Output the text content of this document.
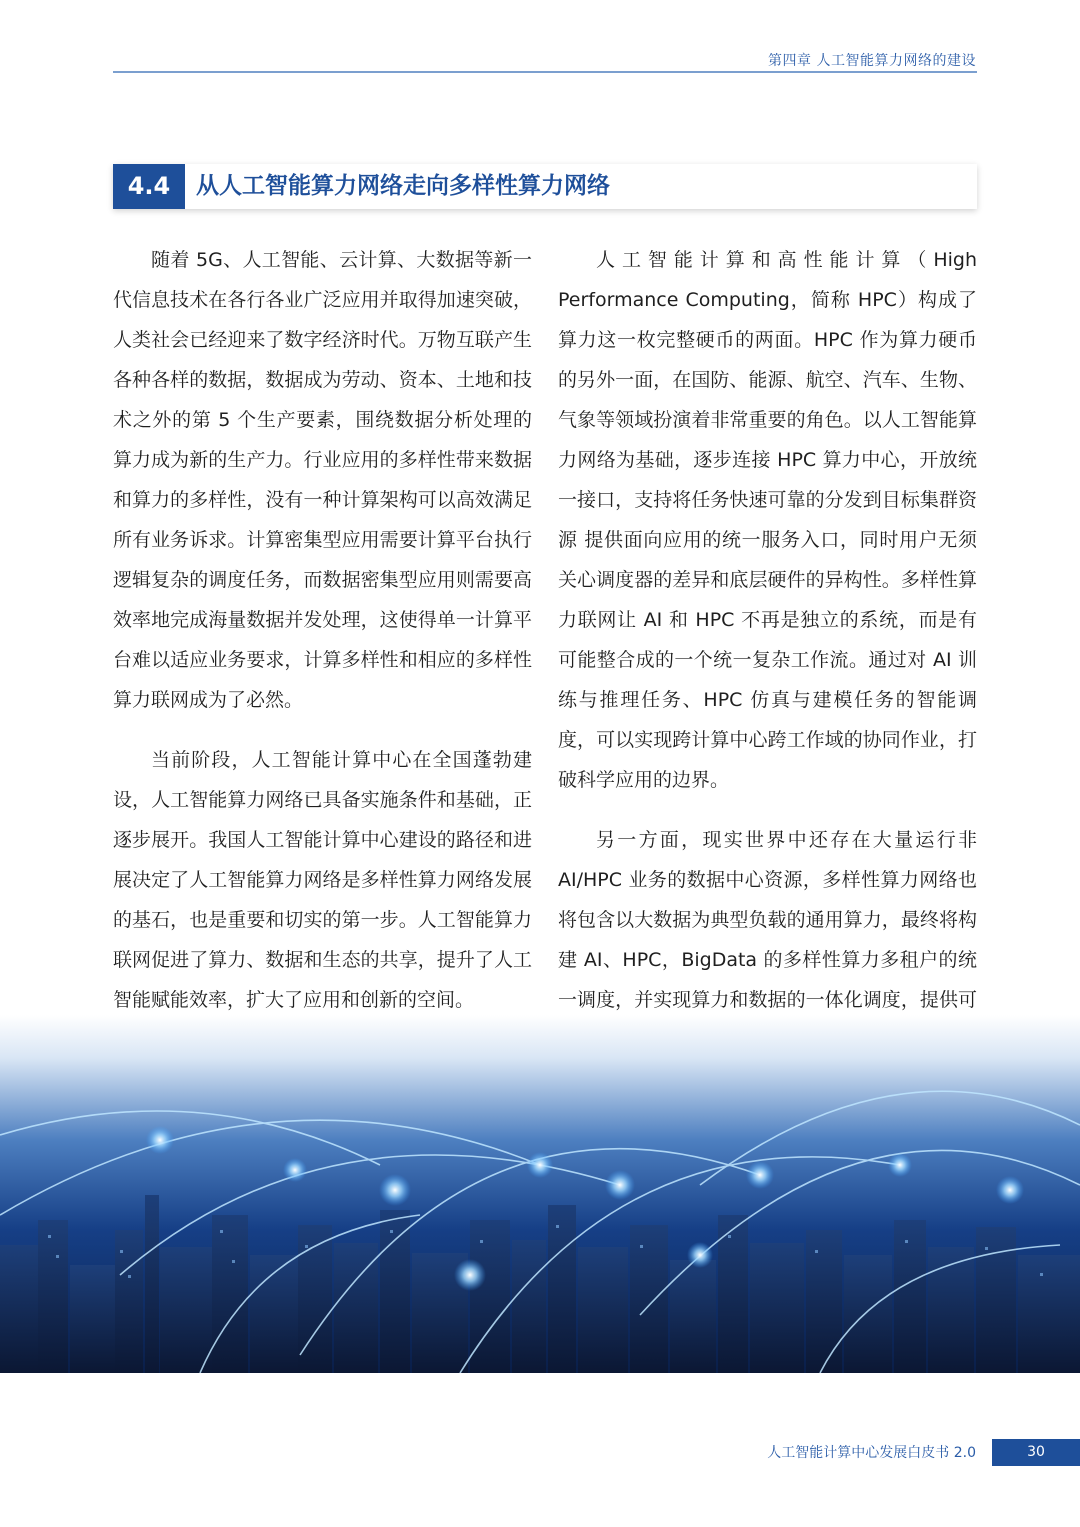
第四章 人工智能算力网络的建设
4.4	从人工智能算力网络走向多样性算力网络

随着 5G、人工智能、云计算、大数据等新一代信息技术在各行各业广泛应用并取得加速突破，人类社会已经迎来了数字经济时代。万物互联产生各种各样的数据，数据成为劳动、资本、土地和技术之外的第 5 个生产要素，围绕数据分析处理的算力成为新的生产力。行业应用的多样性带来数据和算力的多样性，没有一种计算架构可以高效满足所有业务诉求。计算密集型应用需要计算平台执行逻辑复杂的调度任务，而数据密集型应用则需要高效率地完成海量数据并发处理，这使得单一计算平台难以适应业务要求，计算多样性和相应的多样性算力联网成为了必然。

当前阶段，人工智能计算中心在全国蓬勃建设，人工智能算力网络已具备实施条件和基础，正逐步展开。我国人工智能计算中心建设的路径和进展决定了人工智能算力网络是多样性算力网络发展的基石，也是重要和切实的第一步。人工智能算力联网促进了算力、数据和生态的共享，提升了人工智能赋能效率，扩大了应用和创新的空间。

人工智能计算和高性能计算（High Performance Computing，简称 HPC）构成了算力这一枚完整硬币的两面。HPC 作为算力硬币的另外一面，在国防、能源、航空、汽车、生物、气象等领域扮演着非常重要的角色。以人工智能算力网络为基础，逐步连接 HPC 算力中心，开放统一接口，支持将任务快速可靠的分发到目标集群资源 提供面向应用的统一服务入口，同时用户无须关心调度器的差异和底层硬件的异构性。多样性算力联网让 AI 和 HPC 不再是独立的系统，而是有可能整合成的一个统一复杂工作流。通过对 AI 训练与推理任务、HPC 仿真与建模任务的智能调度，可以实现跨计算中心跨工作域的协同作业，打破科学应用的边界。

另一方面，现实世界中还存在大量运行非 AI/HPC 业务的数据中心资源，多样性算力网络也将包含以大数据为典型负载的通用算力，最终将构建 AI、HPC，BigData 的多样性算力多租户的统一调度，并实现算力和数据的一体化调度，提供可

人工智能计算中心发展白皮书 2.0	30
